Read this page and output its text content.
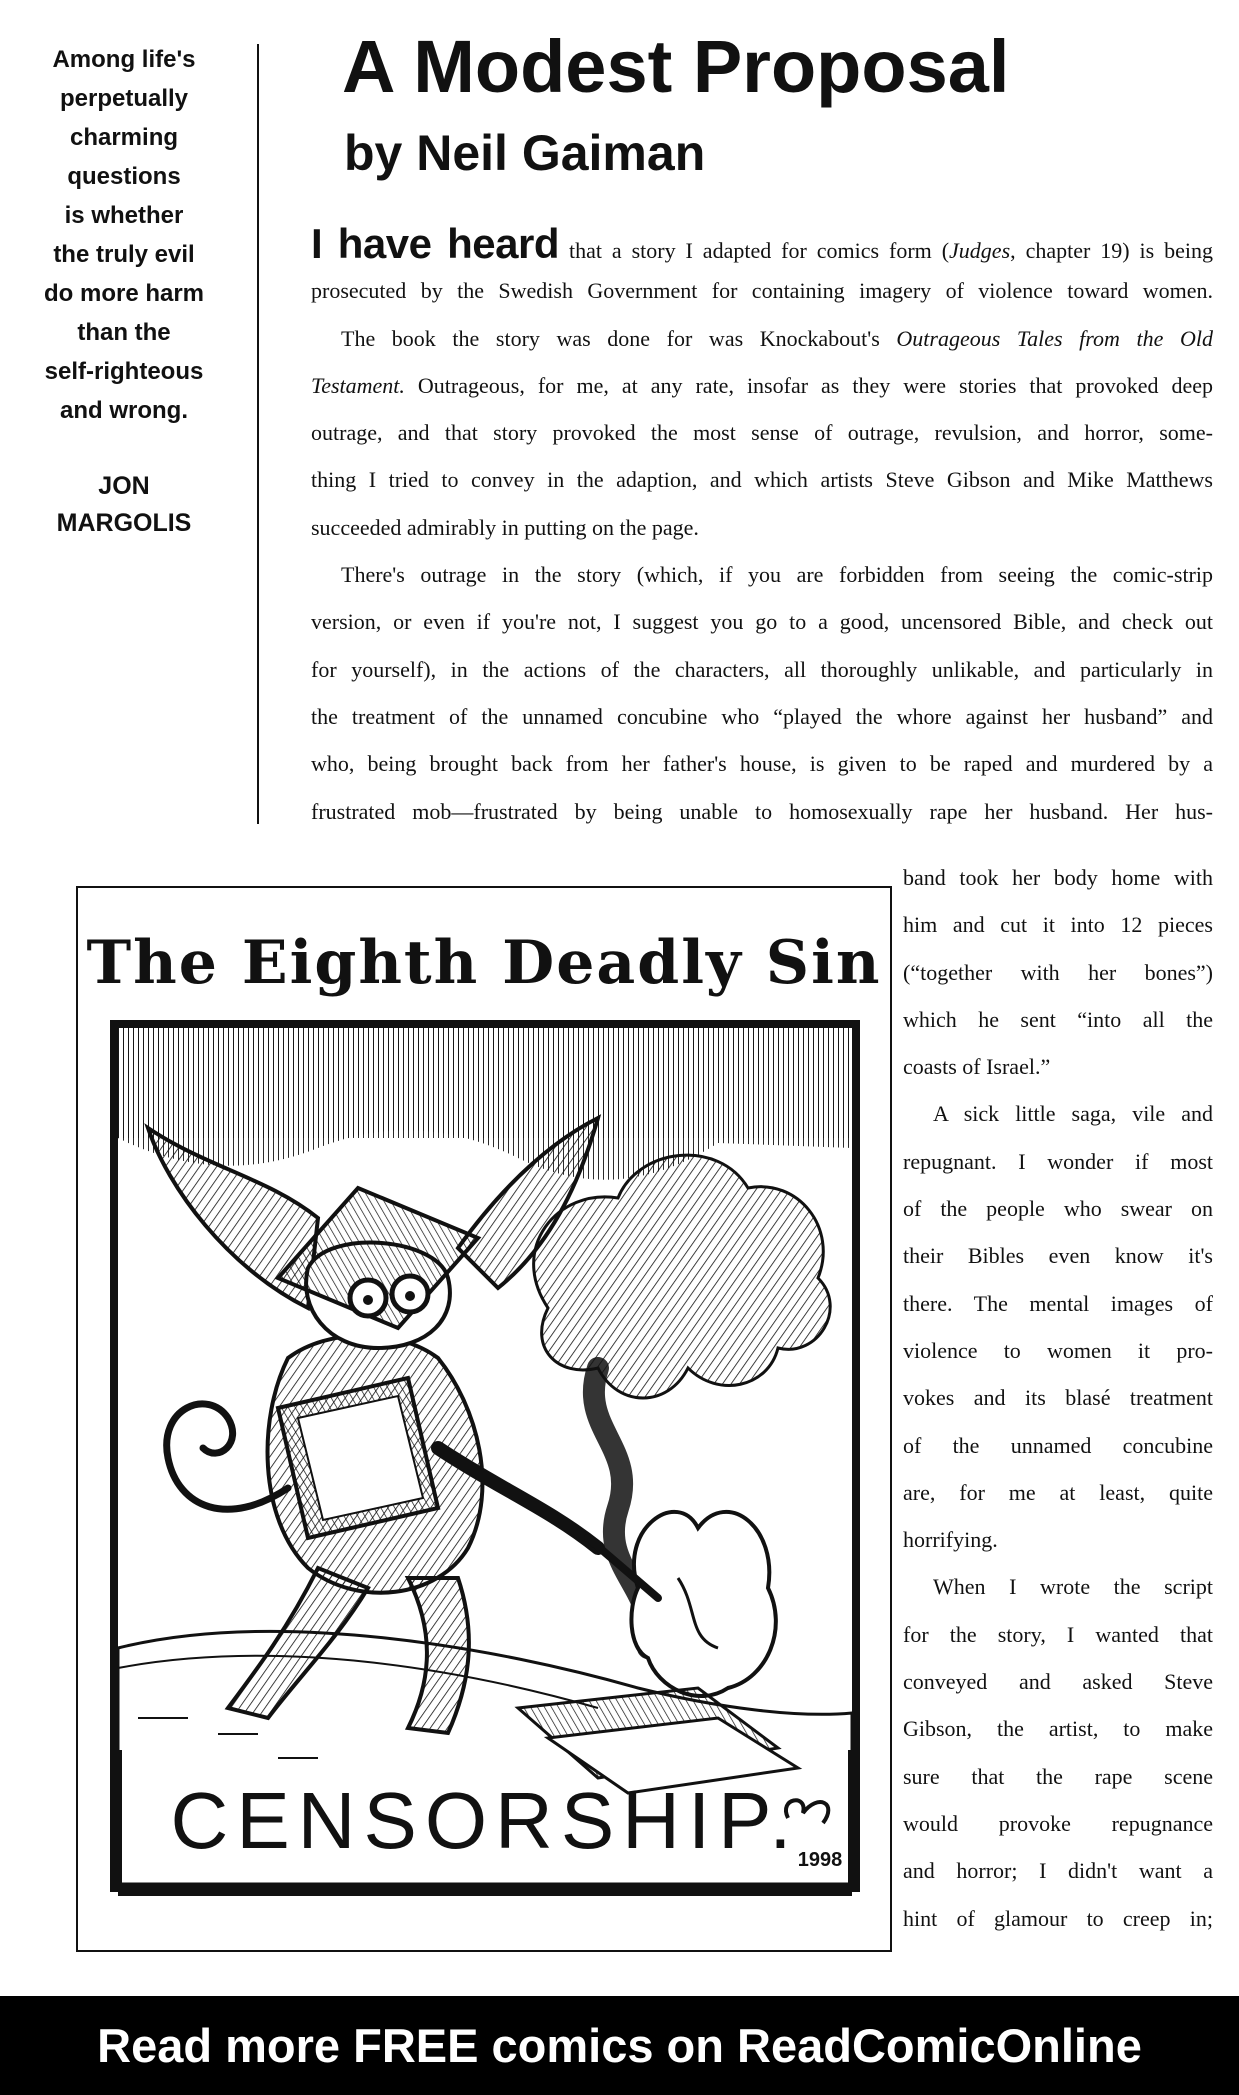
Among life's
perpetually
charming
questions
is whether
the truly evil
do more harm
than the
self-righteous
and wrong.
JON
MARGOLIS
A Modest Proposal
by Neil Gaiman
I have heard that a story I adapted for comics form (Judges, chapter 19) is being
prosecuted by the Swedish Government for containing imagery of violence toward women.
The book the story was done for was Knockabout's Outrageous Tales from the Old
Testament. Outrageous, for me, at any rate, insofar as they were stories that provoked deep
outrage, and that story provoked the most sense of outrage, revulsion, and horror, some-
thing I tried to convey in the adaption, and which artists Steve Gibson and Mike Matthews
succeeded admirably in putting on the page.
There's outrage in the story (which, if you are forbidden from seeing the comic-strip
version, or even if you're not, I suggest you go to a good, uncensored Bible, and check out
for yourself), in the actions of the characters, all thoroughly unlikable, and particularly in
the treatment of the unnamed concubine who “played the whore against her husband” and
who, being brought back from her father's house, is given to be raped and murdered by a
frustrated mob—frustrated by being unable to homosexually rape her husband. Her hus-
band took her body home with
him and cut it into 12 pieces
(“together with her bones”)
which he sent “into all the
coasts of Israel.”
A sick little saga, vile and
repugnant. I wonder if most
of the people who swear on
their Bibles even know it's
there. The mental images of
violence to women it pro-
vokes and its blasé treatment
of the unnamed concubine
are, for me at least, quite
horrifying.
When I wrote the script
for the story, I wanted that
conveyed and asked Steve
Gibson, the artist, to make
sure that the rape scene
would provoke repugnance
and horror; I didn't want a
hint of glamour to creep in;
The Eighth Deadly Sin
1998
CENSORSHIP.
Read more FREE comics on ReadComicOnline
